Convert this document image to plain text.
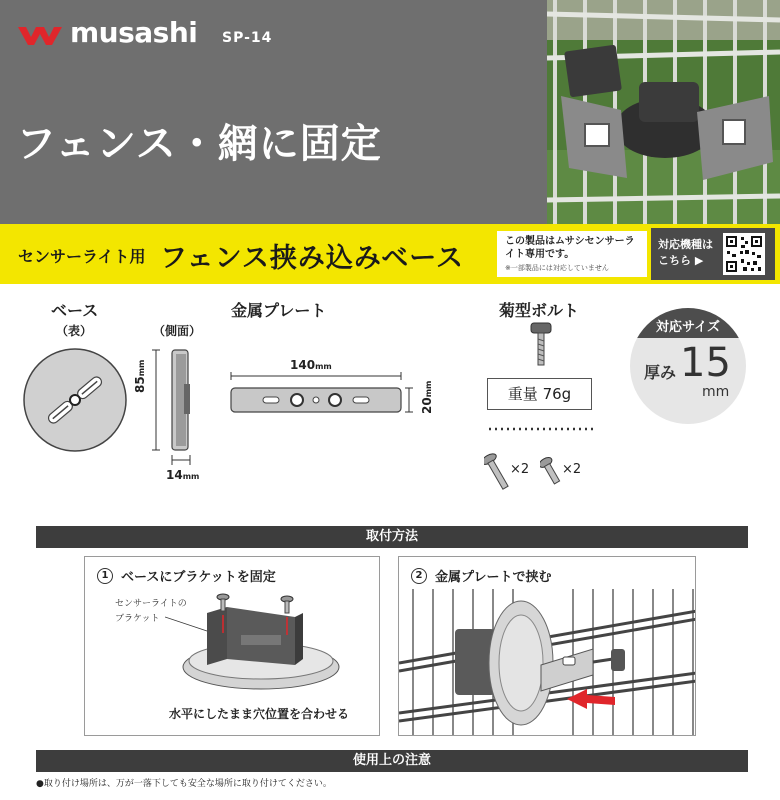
musashi SP-14
フェンス・網に固定
センサーライト用 フェンス挟み込みベース
この製品はムサシセンサーライト専用です。
※一部製品には対応していません
対応機種は
こちら ▶
ベース
（表）	（側面）
85mm
14mm
金属プレート
140mm
20mm
菊型ボルト
重量 76g
×2	×2
対応サイズ
厚み 15
mm
取付方法
1 ベースにブラケットを固定
センサーライトの
ブラケット
水平にしたまま穴位置を合わせる
2 金属プレートで挟む
使用上の注意
●取り付け場所は、万が一落下しても安全な場所に取り付けてください。
